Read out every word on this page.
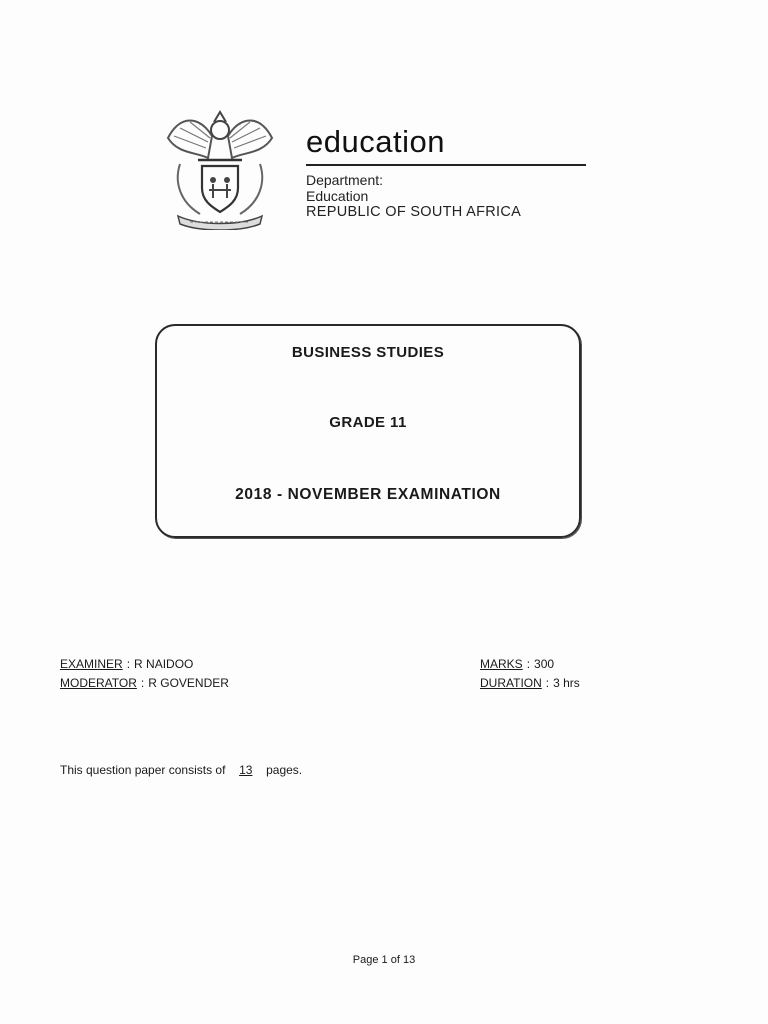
education
Department:
Education
REPUBLIC OF SOUTH AFRICA
BUSINESS STUDIES
GRADE 11
2018 - NOVEMBER EXAMINATION
EXAMINER : R NAIDOO
MODERATOR : R GOVENDER
MARKS : 300
DURATION : 3 hrs
This question paper consists of 13 pages.
Page 1 of 13
